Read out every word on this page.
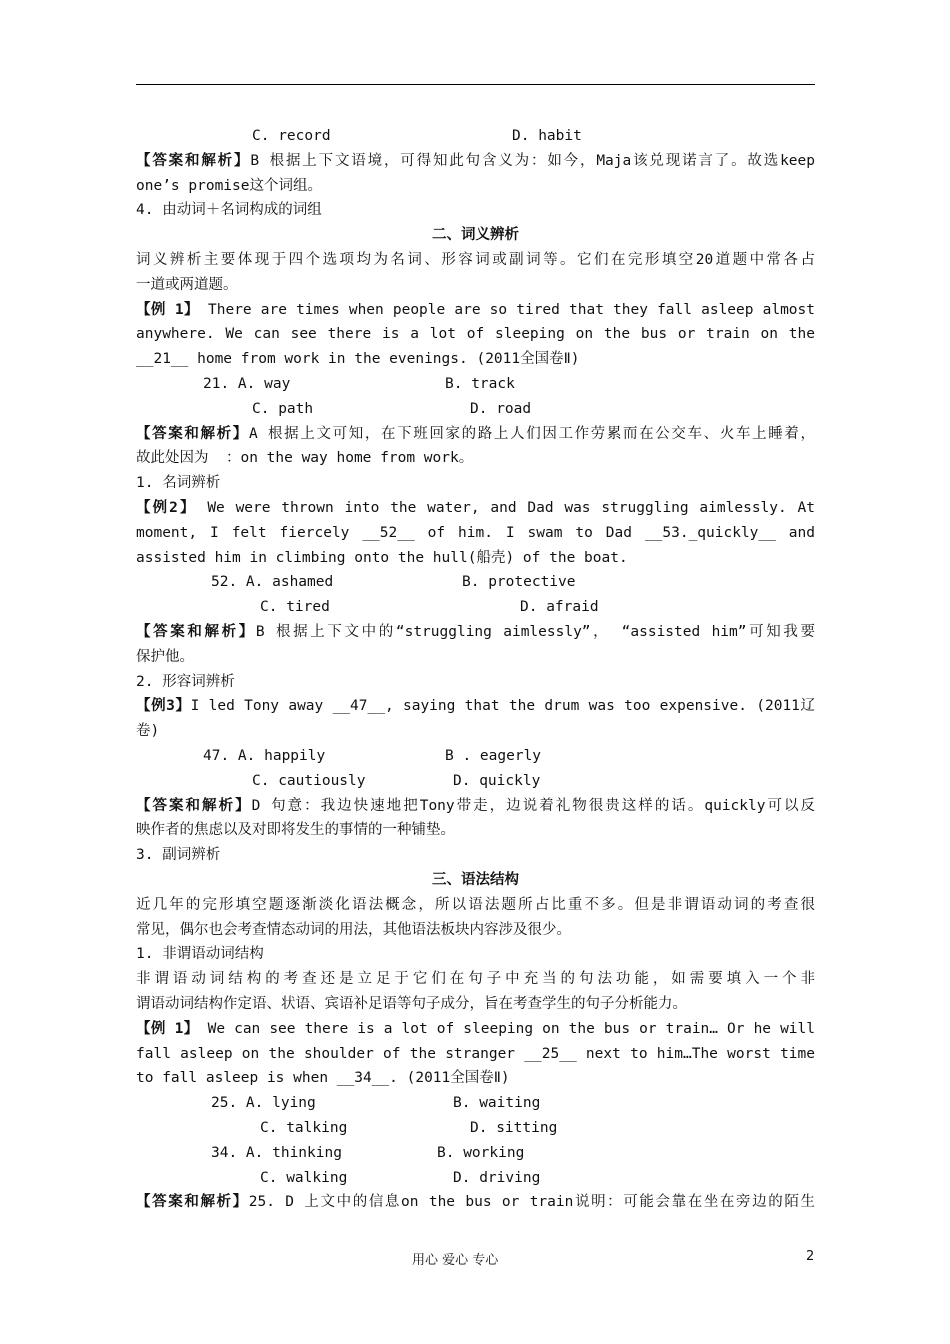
C. record	D. habit
【答案和解析】B 根据上下文语境，可得知此句含义为：如今，Maja该兑现诺言了。故选keep
one’s promise这个词组。
4. 由动词＋名词构成的词组
二、词义辨析
词义辨析主要体现于四个选项均为名词、形容词或副词等。它们在完形填空20道题中常各占
一道或两道题。
【例 1】 There are times when people are so tired that they fall asleep almost
anywhere. We can see there is a lot of sleeping on the bus or train on the
__21__ home from work in the evenings. (2011全国卷Ⅱ)
21. A. way	B. track
C. path	D. road
【答案和解析】A 根据上文可知，在下班回家的路上人们因工作劳累而在公交车、火车上睡着，
故此处因为  ：on the way home from work。
1. 名词辨析
【例2】 We were thrown into the water, and Dad was struggling aimlessly. At
moment, I felt fiercely __52__ of him. I swam to Dad __53._quickly__ and
assisted him in climbing onto the hull(船壳) of the boat.
52. A. ashamed	B. protective
C. tired	D. afraid
【答案和解析】B 根据上下文中的“struggling aimlessly”， “assisted him”可知我要
保护他。
2. 形容词辨析
【例3】I led Tony away __47__, saying that the drum was too expensive. (2011辽
卷)
47. A. happily	B . eagerly
C. cautiously	D. quickly
【答案和解析】D 句意：我边快速地把Tony带走，边说着礼物很贵这样的话。quickly可以反
映作者的焦虑以及对即将发生的事情的一种铺垫。
3. 副词辨析
三、语法结构
近几年的完形填空题逐渐淡化语法概念，所以语法题所占比重不多。但是非谓语动词的考查很
常见，偶尔也会考查情态动词的用法，其他语法板块内容涉及很少。
1. 非谓语动词结构
非谓语动词结构的考查还是立足于它们在句子中充当的句法功能，如需要填入一个非
谓语动词结构作定语、状语、宾语补足语等句子成分，旨在考查学生的句子分析能力。
【例 1】 We can see there is a lot of sleeping on the bus or train… Or he will
fall asleep on the shoulder of the stranger __25__ next to him…The worst time
to fall asleep is when __34__. (2011全国卷Ⅱ)
25. A. lying	B. waiting
C. talking	D. sitting
34. A. thinking	B. working
C. walking	D. driving
【答案和解析】25. D 上文中的信息on the bus or train说明：可能会靠在坐在旁边的陌生
用心 爱心 专心	2
